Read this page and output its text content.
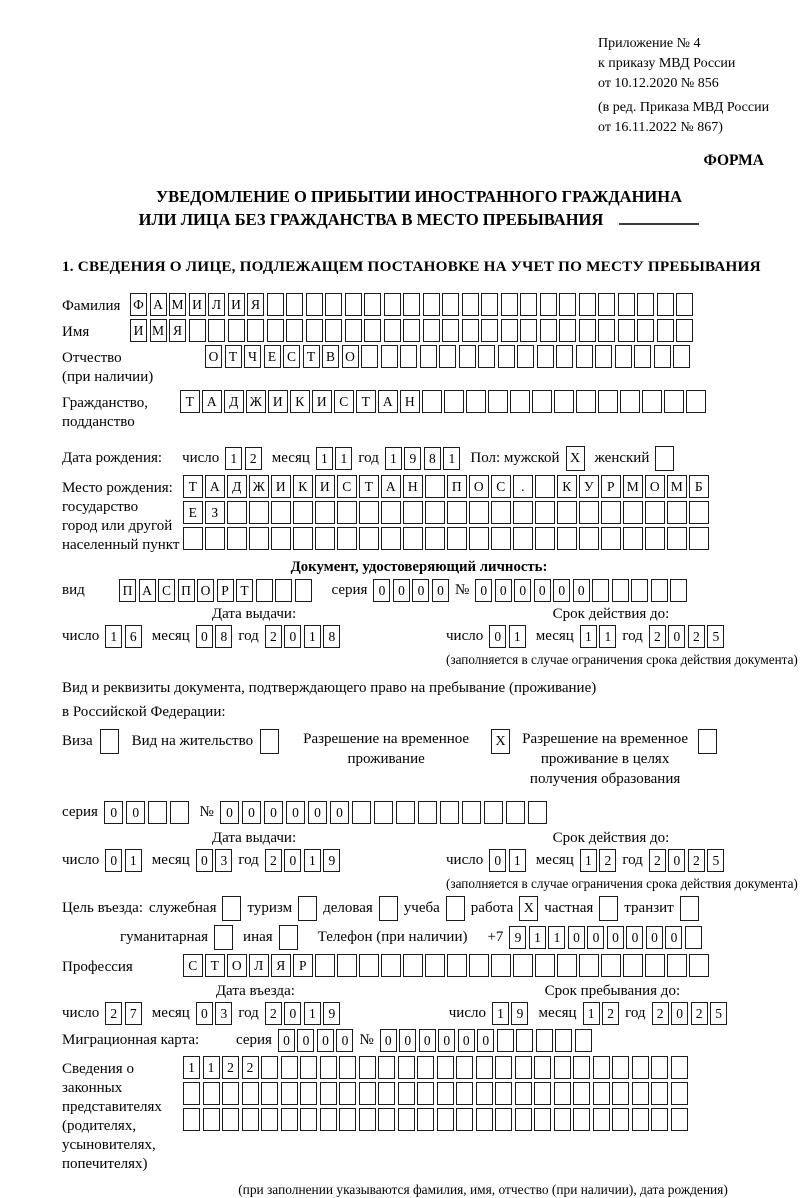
Приложение № 4
к приказу МВД России
от 10.12.2020 № 856
(в ред. Приказа МВД России
от 16.11.2022 № 867)
ФОРМА
УВЕДОМЛЕНИЕ О ПРИБЫТИИ ИНОСТРАННОГО ГРАЖДАНИНА
ИЛИ ЛИЦА БЕЗ ГРАЖДАНСТВА В МЕСТО ПРЕБЫВАНИЯ
1. СВЕДЕНИЯ О ЛИЦЕ, ПОДЛЕЖАЩЕМ ПОСТАНОВКЕ НА УЧЕТ ПО МЕСТУ ПРЕБЫВАНИЯ
Фамилия Ф А М И Л И Я
Имя	И М Я
Отчество
(при наличии)
О Т Ч Е С Т В О
Гражданство,
подданство
Т А Д Ж И К И С Т А Н
Дата рождения: число 1 2	месяц 1 1 год 1 9 8 1	Пол: мужской X женский
Место рождения:
государство
город или другой
населенный пункт
Т А Д Ж И К И С Т А Н	П О С	.	К У Р М О М Б
Е	З
Документ, удостоверяющий личность:
вид	П А С П О Р Т	серия 0 0 0 0 № 0 0 0 0 0 0
Дата выдачи:
число 1 6	месяц 0 8 год 2 0 1 8
Срок действия до:
число 0 1	месяц 1 1 год 2 0 2 5
(заполняется в случае ограничения срока действия документа)
Вид и реквизиты документа, подтверждающего право на пребывание (проживание)
в Российской Федерации:
Виза	Вид на жительство	Разрешение на временное проживание
X Разрешение на временное проживание в целях получения образования
серия 0	0	№ 0	0	0	0	0	0
Дата выдачи:
число 0 1	месяц 0 3 год 2 0 1 9
Срок действия до:
число 0 1	месяц 1 2 год 2 0 2 5
(заполняется в случае ограничения срока действия документа)
Цель въезда: служебная туризм деловая учеба работа X частная транзит
гуманитарная иная	Телефон (при наличии) +7 9 1 1 0 0 0 0 0 0
Профессия	С Т О Л Я	Р
Дата въезда:
число 2 7	месяц 0 3 год 2 0 1 9
Срок пребывания до:
число 1 9	месяц 1 2 год 2 0 2 5
Миграционная карта:	серия 0 0 0 0 № 0 0 0 0 0 0
Сведения о
законных
представителях
(родителях,
усыновителях,
попечителях)
1 1 2 2
(при заполнении указываются фамилия, имя, отчество (при наличии), дата рождения)
